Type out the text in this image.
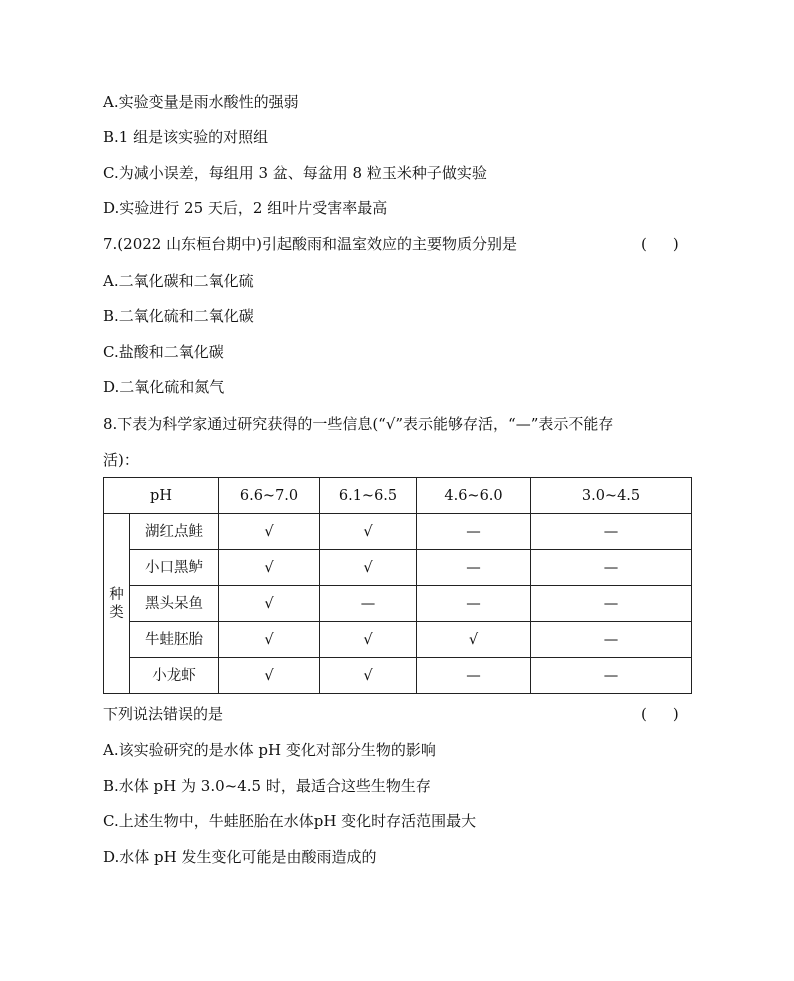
A.实验变量是雨水酸性的强弱
B.1 组是该实验的对照组
C.为减小误差，每组用 3 盆、每盆用 8 粒玉米种子做实验
D.实验进行 25 天后，2 组叶片受害率最高
7.(2022 山东桓台期中)引起酸雨和温室效应的主要物质分别是	( )
A.二氧化碳和二氧化硫
B.二氧化硫和二氧化碳
C.盐酸和二氧化碳
D.二氧化硫和氮气
8.下表为科学家通过研究获得的一些信息(“√”表示能够存活，“—”表示不能存
活)：
pH		6.6~7.0	6.1~6.5	4.6~6.0	3.0~4.5

种
类	湖红点鲑	√	√	—	—
	小口黑鲈	√	√	—	—
	黑头呆鱼	√	—	—	—
	牛蛙胚胎	√	√	√	—
	小龙虾	√	√	—	—
下列说法错误的是	( )
A.该实验研究的是水体 pH 变化对部分生物的影响
B.水体 pH 为 3.0~4.5 时，最适合这些生物生存
C.上述生物中，牛蛙胚胎在水体pH 变化时存活范围最大
D.水体 pH 发生变化可能是由酸雨造成的
